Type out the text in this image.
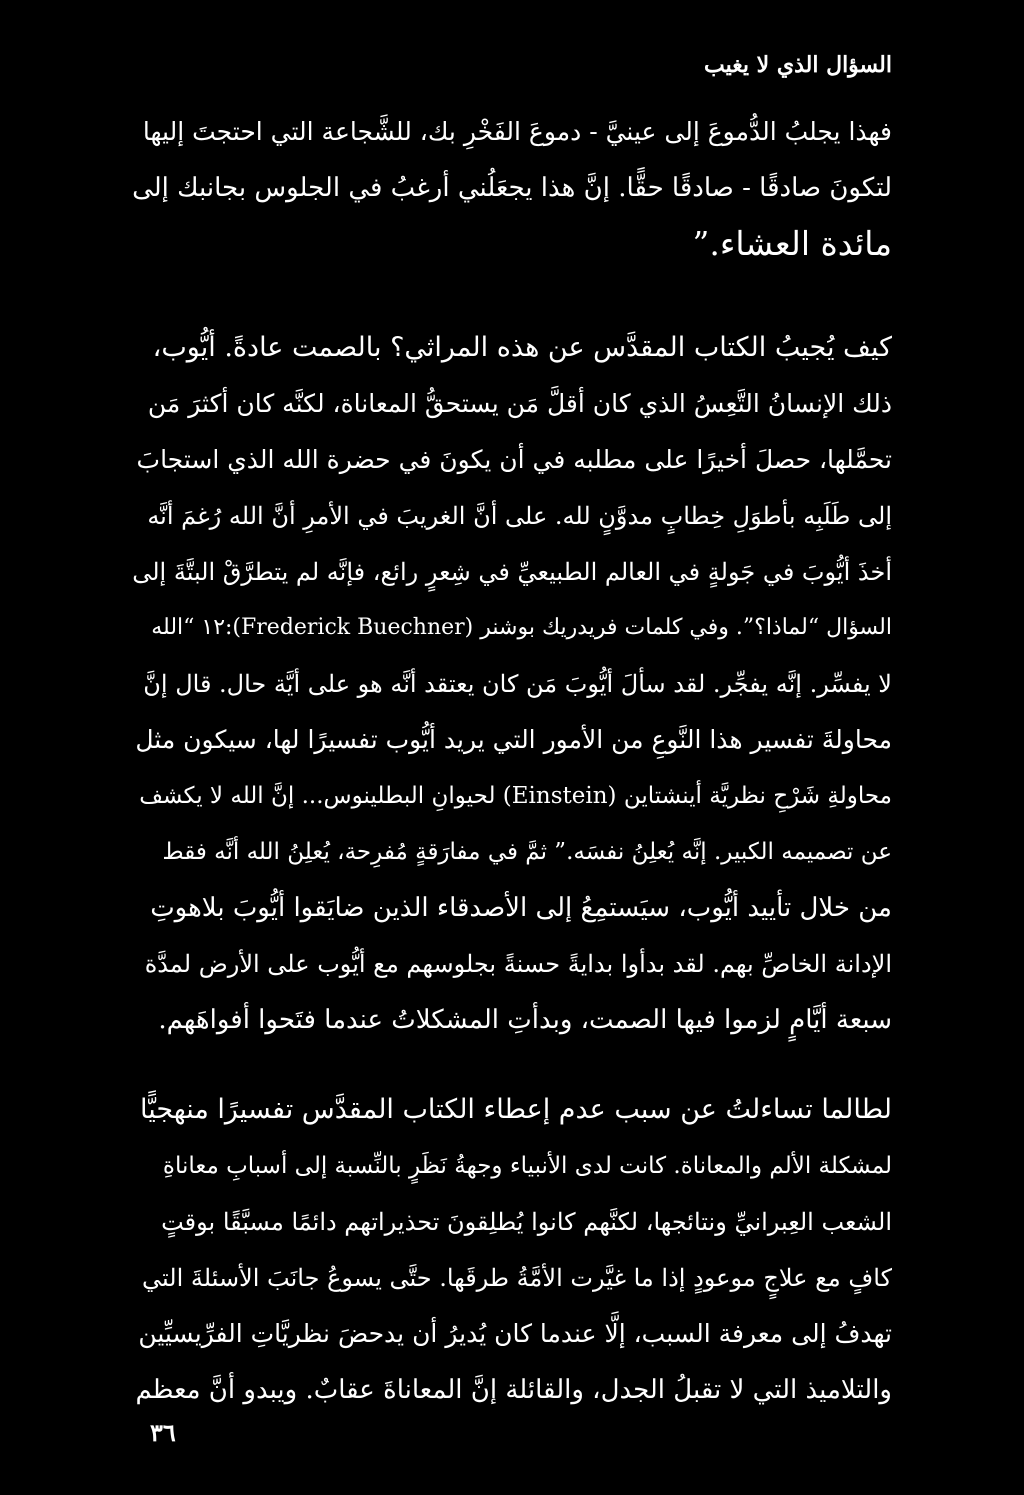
السؤال الذي لا يغيب
فهذا يجلبُ الدُّموعَ إلى عينيَّ - دموعَ الفَخْرِ بك، للشَّجاعة التي احتجتَ إليها
لتكونَ صادقًا - صادقًا حقًّا. إنَّ هذا يجعَلُني أرغبُ في الجلوس بجانبك إلى
مائدة العشاء.”
كيف يُجيبُ الكتاب المقدَّس عن هذه المراثي؟ بالصمت عادةً. أيُّوب،
ذلك الإنسانُ التَّعِسُ الذي كان أقلَّ مَن يستحقُّ المعاناة، لكنَّه كان أكثرَ مَن
تحمَّلها، حصلَ أخيرًا على مطلبه في أن يكونَ في حضرة الله الذي استجابَ
إلى طَلَبِه بأطوَلِ خِطابٍ مدوَّنٍ لله. على أنَّ الغريبَ في الأمرِ أنَّ الله رُغمَ أنَّه
أخذَ أيُّوبَ في جَولةٍ في العالم الطبيعيِّ في شِعرٍ رائع، فإنَّه لم يتطرَّقْ البتَّةَ إلى
السؤال “لماذا؟”. وفي كلمات فريدريك بوشنر (Frederick Buechner)‏:١٢ “الله
لا يفسِّر. إنَّه يفجِّر. لقد سألَ أيُّوبَ مَن كان يعتقد أنَّه هو على أيَّة حال. قال إنَّ
محاولةَ تفسير هذا النَّوعِ من الأمور التي يريد أيُّوب تفسيرًا لها، سيكون مثل
محاولةِ شَرْحِ نظريَّة أينشتاين (Einstein) لحيوانِ البطلينوس... إنَّ الله لا يكشف
عن تصميمه الكبير. إنَّه يُعلِنُ نفسَه.” ثمَّ في مفارَقةٍ مُفرِحة، يُعلِنُ الله أنَّه فقط
من خلال تأييد أيُّوب، سيَستمِعُ إلى الأصدقاء الذين ضايَقوا أيُّوبَ بلاهوتِ
الإدانة الخاصِّ بهم. لقد بدأوا بدايةً حسنةً بجلوسهم مع أيُّوب على الأرض لمدَّة
سبعة أيَّامٍ لزموا فيها الصمت، وبدأتِ المشكلاتُ عندما فتَحوا أفواهَهم.
لطالما تساءلتُ عن سبب عدم إعطاء الكتاب المقدَّس تفسيرًا منهجيًّا
لمشكلة الألم والمعاناة. كانت لدى الأنبياء وجهةُ نَظَرٍ بالنِّسبة إلى أسبابِ معاناةِ
الشعب العِبرانيِّ ونتائجها، لكنَّهم كانوا يُطلِقونَ تحذيراتهم دائمًا مسبَّقًا بوقتٍ
كافٍ مع علاجٍ موعودٍ إذا ما غيَّرت الأمَّةُ طرقَها. حتَّى يسوعُ جانَبَ الأسئلةَ التي
تهدفُ إلى معرفة السبب، إلَّا عندما كان يُديرُ أن يدحضَ نظريَّاتِ الفرِّيسيِّين
والتلاميذ التي لا تقبلُ الجدل، والقائلة إنَّ المعاناةَ عقابٌ. ويبدو أنَّ معظم
٣٦
